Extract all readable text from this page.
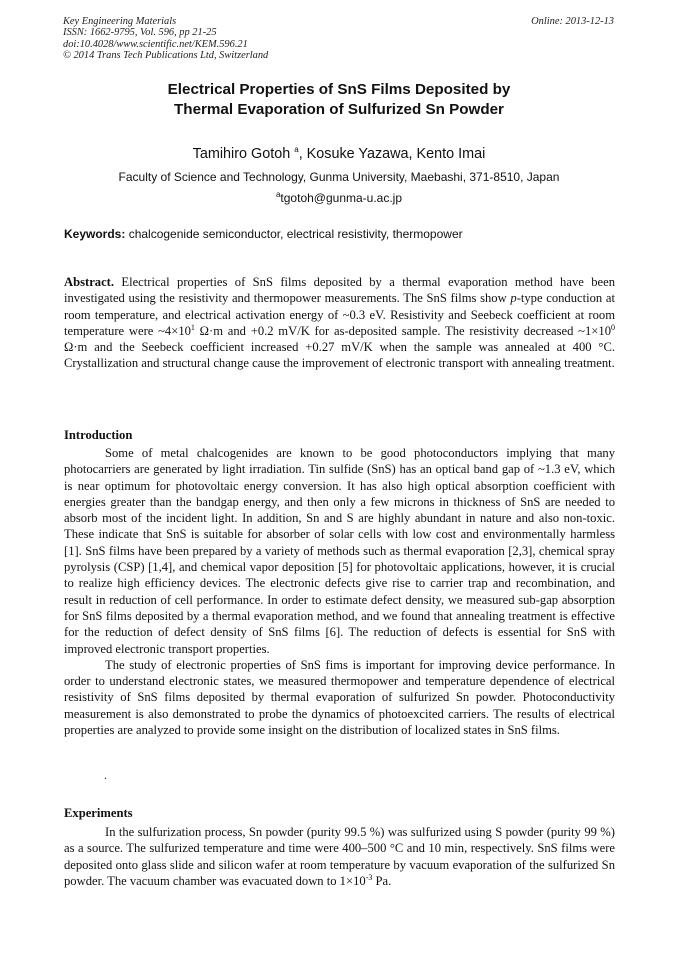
Key Engineering Materials
ISSN: 1662-9795, Vol. 596, pp 21-25
doi:10.4028/www.scientific.net/KEM.596.21
© 2014 Trans Tech Publications Ltd, Switzerland
Online: 2013-12-13
Electrical Properties of SnS Films Deposited by
Thermal Evaporation of Sulfurized Sn Powder
Tamihiro Gotoh $^a$, Kosuke Yazawa, Kento Imai
Faculty of Science and Technology, Gunma University, Maebashi, 371-8510, Japan
$^a$tgotoh@gunma-u.ac.jp
Keywords: chalcogenide semiconductor, electrical resistivity, thermopower

Abstract. Electrical properties of SnS films deposited by a thermal evaporation method have been investigated using the resistivity and thermopower measurements. The SnS films show p-type conduction at room temperature, and electrical activation energy of ~0.3 eV. Resistivity and Seebeck coefficient at room temperature were $\sim 4\times 10^1$ Ω·m and +0.2 mV/K for as-deposited sample. The resistivity decreased $\sim 1\times 10^0$ Ω·m and the Seebeck coefficient increased +0.27 mV/K when the sample was annealed at 400 °C. Crystallization and structural change cause the improvement of electronic transport with annealing treatment.

Introduction

Some of metal chalcogenides are known to be good photoconductors implying that many photocarriers are generated by light irradiation. Tin sulfide (SnS) has an optical band gap of ~1.3 eV, which is near optimum for photovoltaic energy conversion. It has also high optical absorption coefficient with energies greater than the bandgap energy, and then only a few microns in thickness of SnS are needed to absorb most of the incident light. In addition, Sn and S are highly abundant in nature and also non-toxic. These indicate that SnS is suitable for absorber of solar cells with low cost and environmentally harmless [1]. SnS films have been prepared by a variety of methods such as thermal evaporation [2,3], chemical spray pyrolysis (CSP) [1,4], and chemical vapor deposition [5] for photovoltaic applications, however, it is crucial to realize high efficiency devices. The electronic defects give rise to carrier trap and recombination, and result in reduction of cell performance. In order to estimate defect density, we measured sub-gap absorption for SnS films deposited by a thermal evaporation method, and we found that annealing treatment is effective for the reduction of defect density of SnS films [6]. The reduction of defects is essential for SnS with improved electronic transport properties.

The study of electronic properties of SnS fims is important for improving device performance. In order to understand electronic states, we measured thermopower and temperature dependence of electrical resistivity of SnS films deposited by thermal evaporation of sulfurized Sn powder. Photoconductivity measurement is also demonstrated to probe the dynamics of photoexcited carriers. The results of electrical properties are analyzed to provide some insight on the distribution of localized states in SnS films.

.
Experiments

In the sulfurization process, Sn powder (purity 99.5 %) was sulfurized using S powder (purity 99 %) as a source. The sulfurized temperature and time were 400–500 °C and 10 min, respectively. SnS films were deposited onto glass slide and silicon wafer at room temperature by vacuum evaporation of the sulfurized Sn powder. The vacuum chamber was evacuated down to $1\times 10^{-3}$ Pa.
